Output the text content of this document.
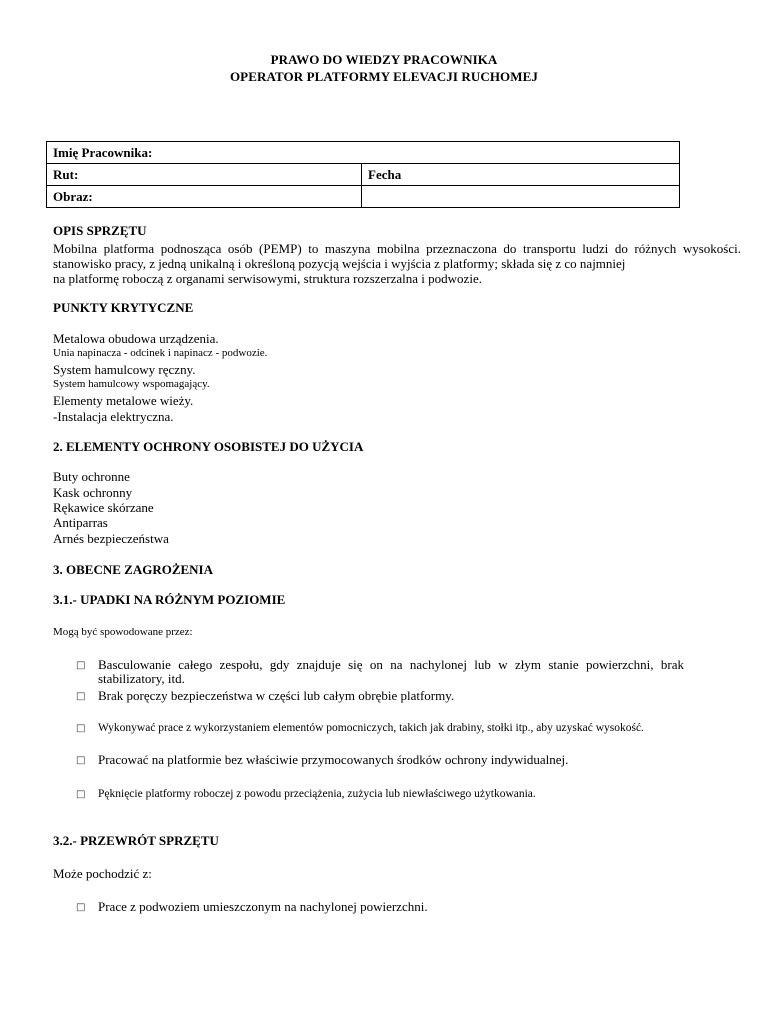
PRAWO DO WIEDZY PRACOWNIKA
OPERATOR PLATFORMY ELEVACJI RUCHOMEJ
Imię Pracownika:	
Rut:	Fecha
Obraz:	
OPIS SPRZĘTU
Mobilna platforma podnosząca osób (PEMP) to maszyna mobilna przeznaczona do transportu ludzi do różnych wysokości.
stanowisko pracy, z jedną unikalną i określoną pozycją wejścia i wyjścia z platformy; składa się z co najmniej
na platformę roboczą z organami serwisowymi, struktura rozszerzalna i podwozie.
PUNKTY KRYTYCZNE
Metalowa obudowa urządzenia.
Unia napinacza - odcinek i napinacz - podwozie.
System hamulcowy ręczny.
System hamulcowy wspomagający.
Elementy metalowe wieży.
-Instalacja elektryczna.
2. ELEMENTY OCHRONY OSOBISTEJ DO UŻYCIA
Buty ochronne
Kask ochronny
Rękawice skórzane
Antiparras
Arnés bezpieczeństwa
3. OBECNE ZAGROŻENIA
3.1.- UPADKI NA RÓŻNYM POZIOMIE
Mogą być spowodowane przez:
□ Basculowanie całego zespołu, gdy znajduje się on na nachylonej lub w złym stanie powierzchni, brak stabilizatory, itd.
□ Brak poręczy bezpieczeństwa w części lub całym obrębie platformy.
□ Wykonywać prace z wykorzystaniem elementów pomocniczych, takich jak drabiny, stołki itp., aby uzyskać wysokość.
□ Pracować na platformie bez właściwie przymocowanych środków ochrony indywidualnej.
□ Pęknięcie platformy roboczej z powodu przeciążenia, zużycia lub niewłaściwego użytkowania.
3.2.- PRZEWRÓT SPRZĘTU
Może pochodzić z:
□ Prace z podwoziem umieszczonym na nachylonej powierzchni.
